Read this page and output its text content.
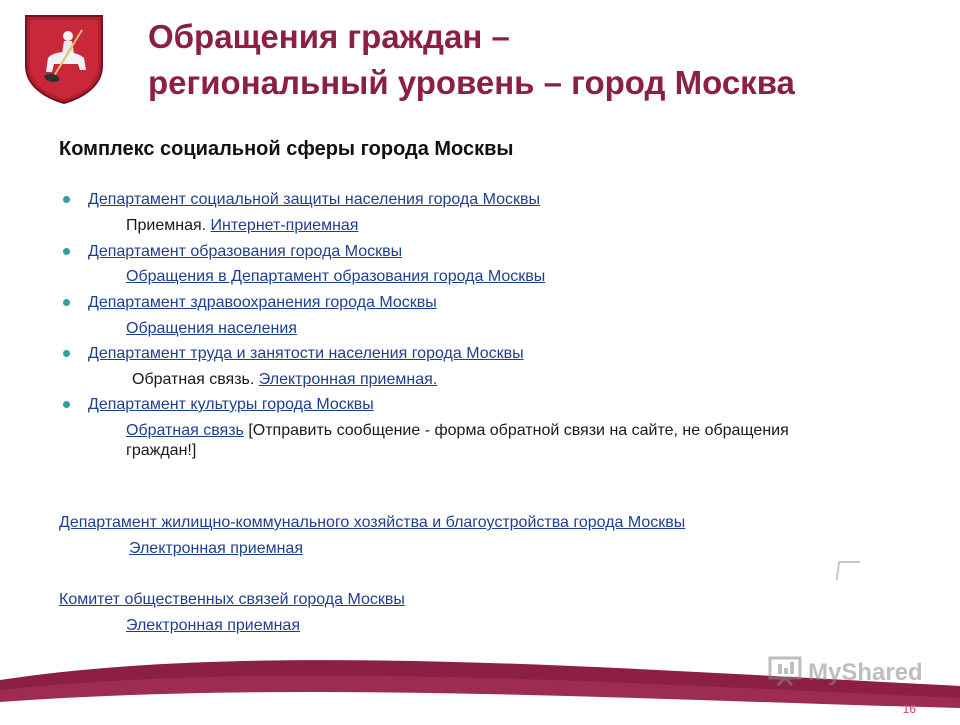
Обращения граждан –
региональный уровень – город Москва
Комплекс социальной сферы города Москвы
Департамент социальной защиты населения города Москвы
Приемная. Интернет-приемная
Департамент образования города Москвы
Обращения в Департамент образования города Москвы
Департамент здравоохранения города Москвы
Обращения населения
Департамент труда и занятости населения города Москвы
Обратная связь. Электронная приемная.
Департамент культуры города Москвы
Обратная связь [Отправить сообщение - форма обратной связи на сайте, не обращения граждан!]
Департамент жилищно-коммунального хозяйства и благоустройства города Москвы
Электронная приемная
Комитет общественных связей города Москвы
Электронная приемная
MyShared
16
